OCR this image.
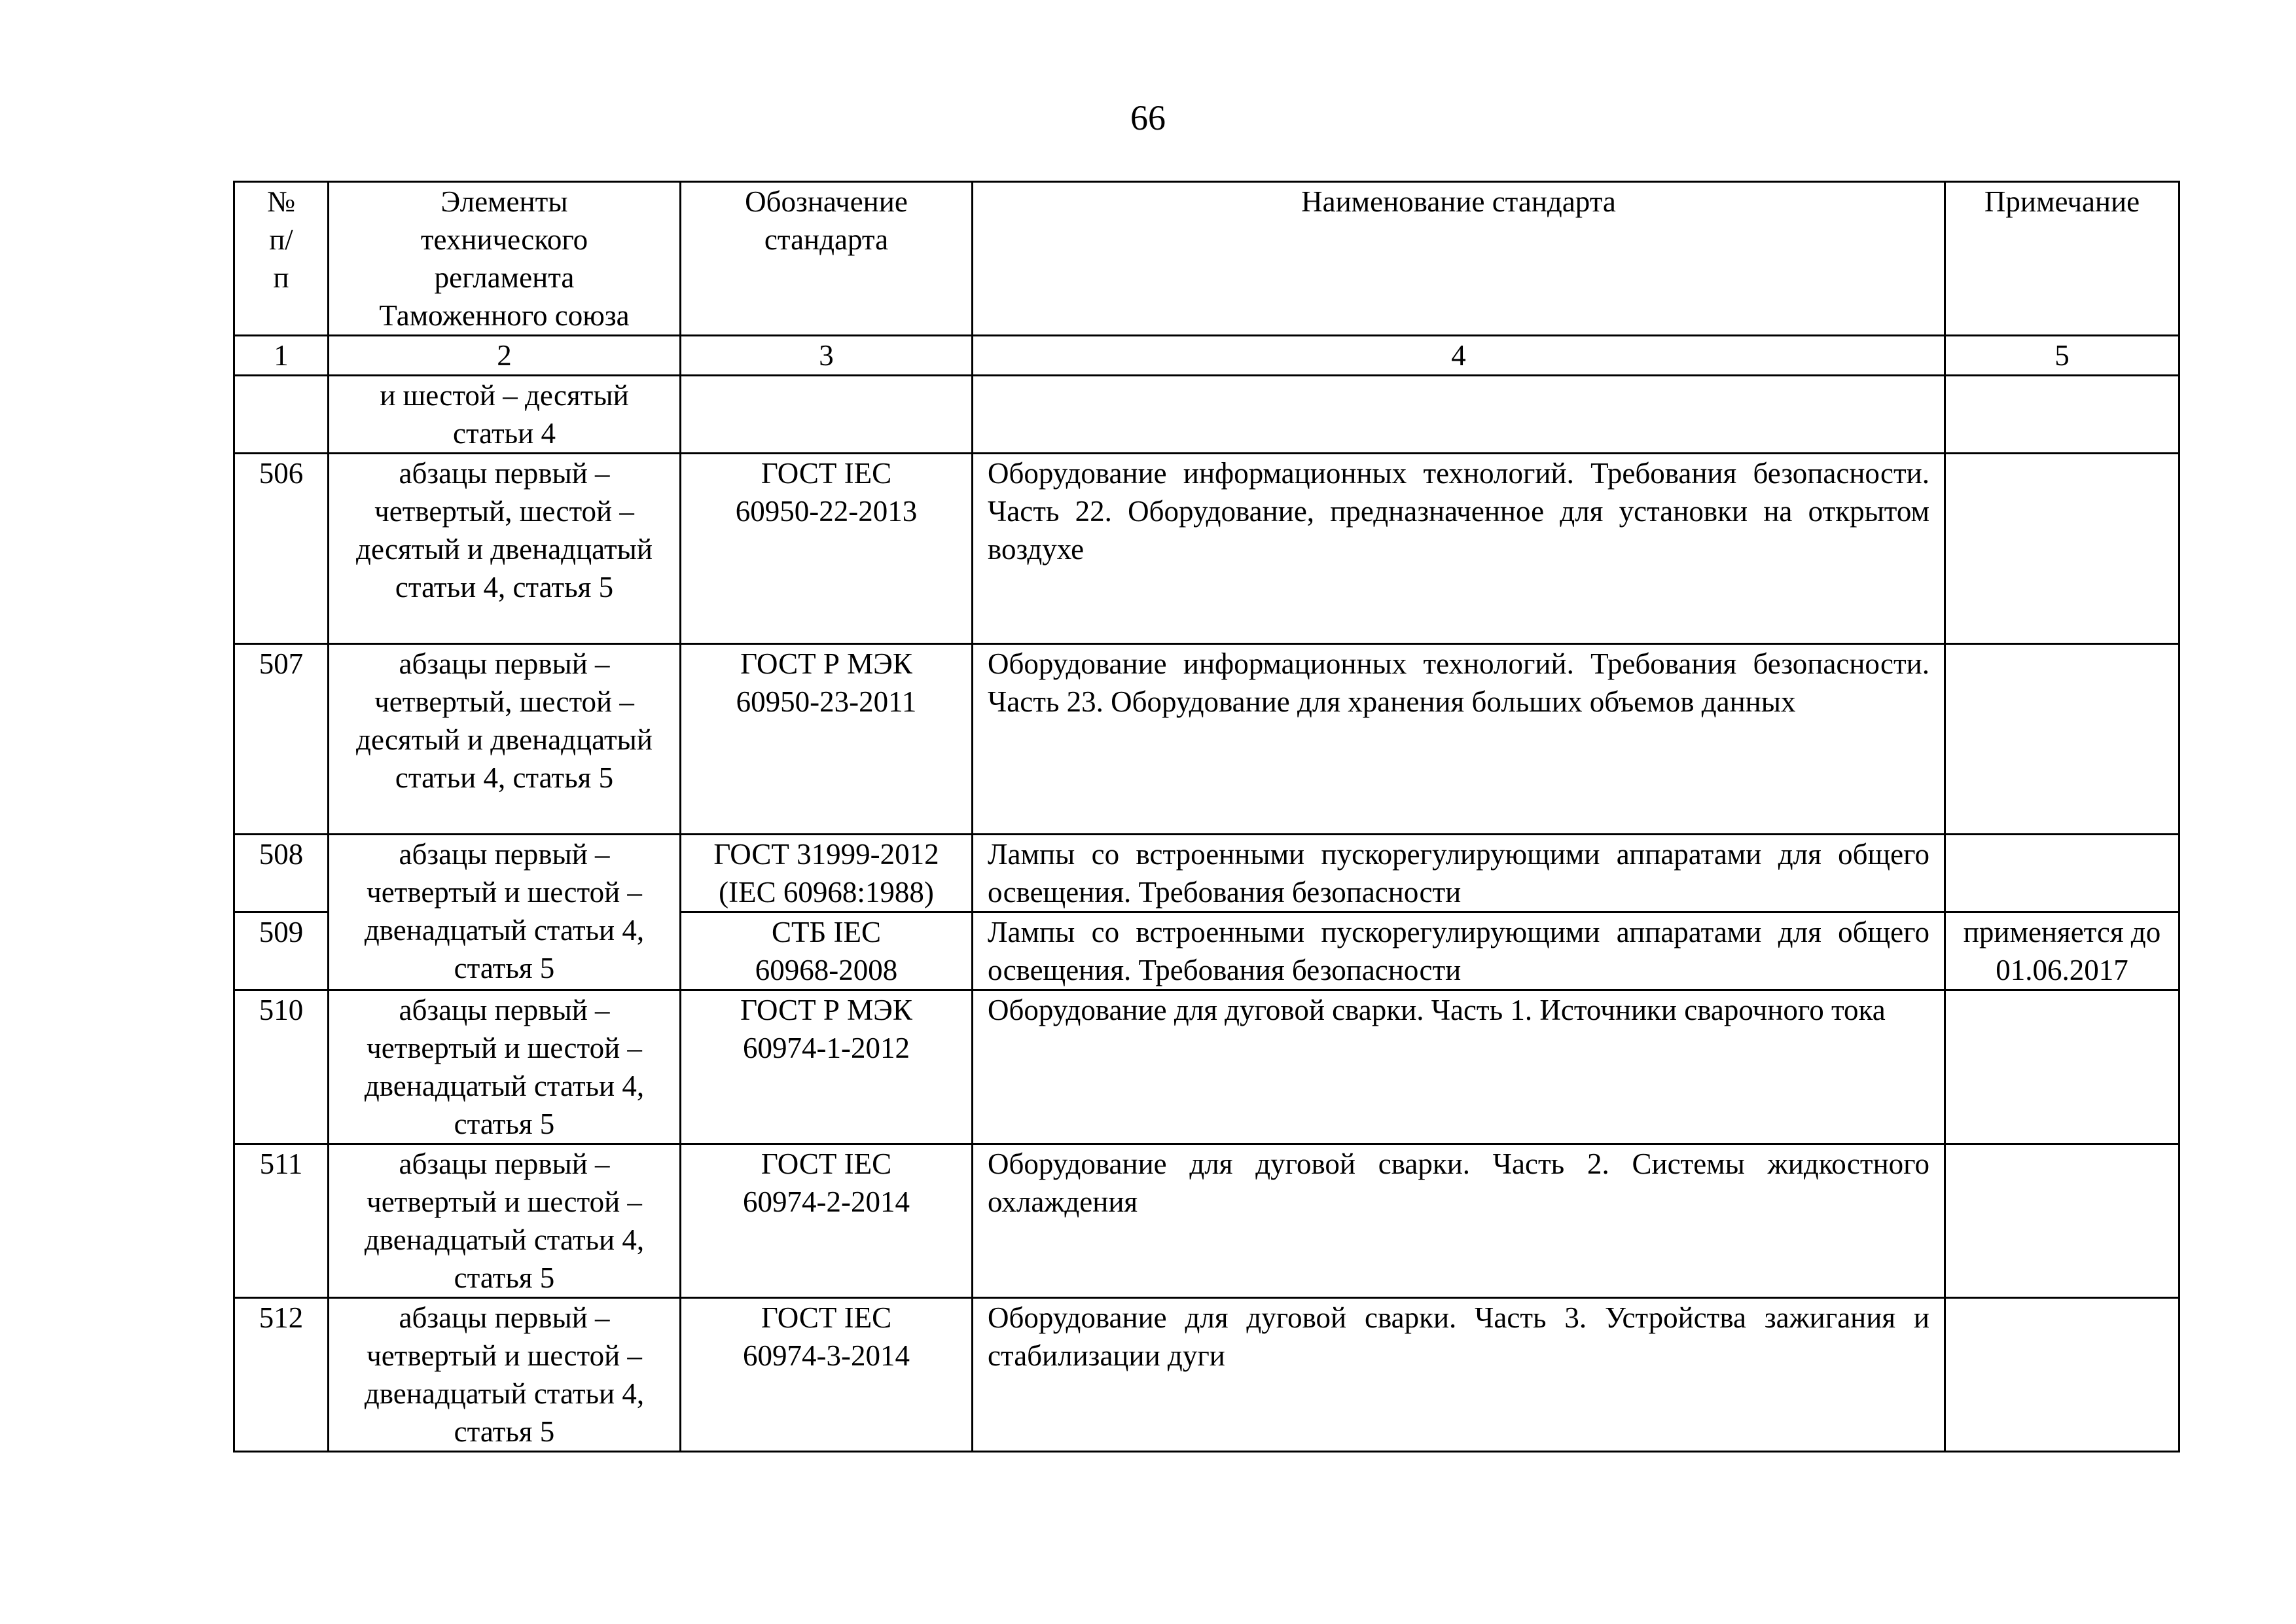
66
№ п/п	Элементы технического регламента Таможенного союза	Обозначение стандарта	Наименование стандарта	Примечание
1	2	3	4	5

	и шестой – десятый статьи 4			

506	абзацы первый – четвертый, шестой – десятый и двенадцатый статьи 4, статья 5	ГОСТ IEC 60950-22-2013	Оборудование информационных технологий. Требования безопасности. Часть 22. Оборудование, предназначенное для установки на открытом воздухе	
507	абзацы первый – четвертый, шестой – десятый и двенадцатый статьи 4, статья 5	ГОСТ Р МЭК 60950-23-2011	Оборудование информационных технологий. Требования безопасности. Часть 23. Оборудование для хранения больших объемов данных	
508	абзацы первый – четвертый и шестой – двенадцатый статьи 4, статья 5	ГОСТ 31999-2012 (IEC 60968:1988)	Лампы со встроенными пускорегулирующими аппаратами для общего освещения. Требования безопасности	
509		СТБ IEC 60968-2008	Лампы со встроенными пускорегулирующими аппаратами для общего освещения. Требования безопасности	применяется до 01.06.2017
510	абзацы первый – четвертый и шестой – двенадцатый статьи 4, статья 5	ГОСТ Р МЭК 60974-1-2012	Оборудование для дуговой сварки. Часть 1. Источники сварочного тока	
511	абзацы первый – четвертый и шестой – двенадцатый статьи 4, статья 5	ГОСТ IEC 60974-2-2014	Оборудование для дуговой сварки. Часть 2. Системы жидкостного охлаждения	
512	абзацы первый – четвертый и шестой – двенадцатый статьи 4, статья 5	ГОСТ IEC 60974-3-2014	Оборудование для дуговой сварки. Часть 3. Устройства зажигания и стабилизации дуги	
